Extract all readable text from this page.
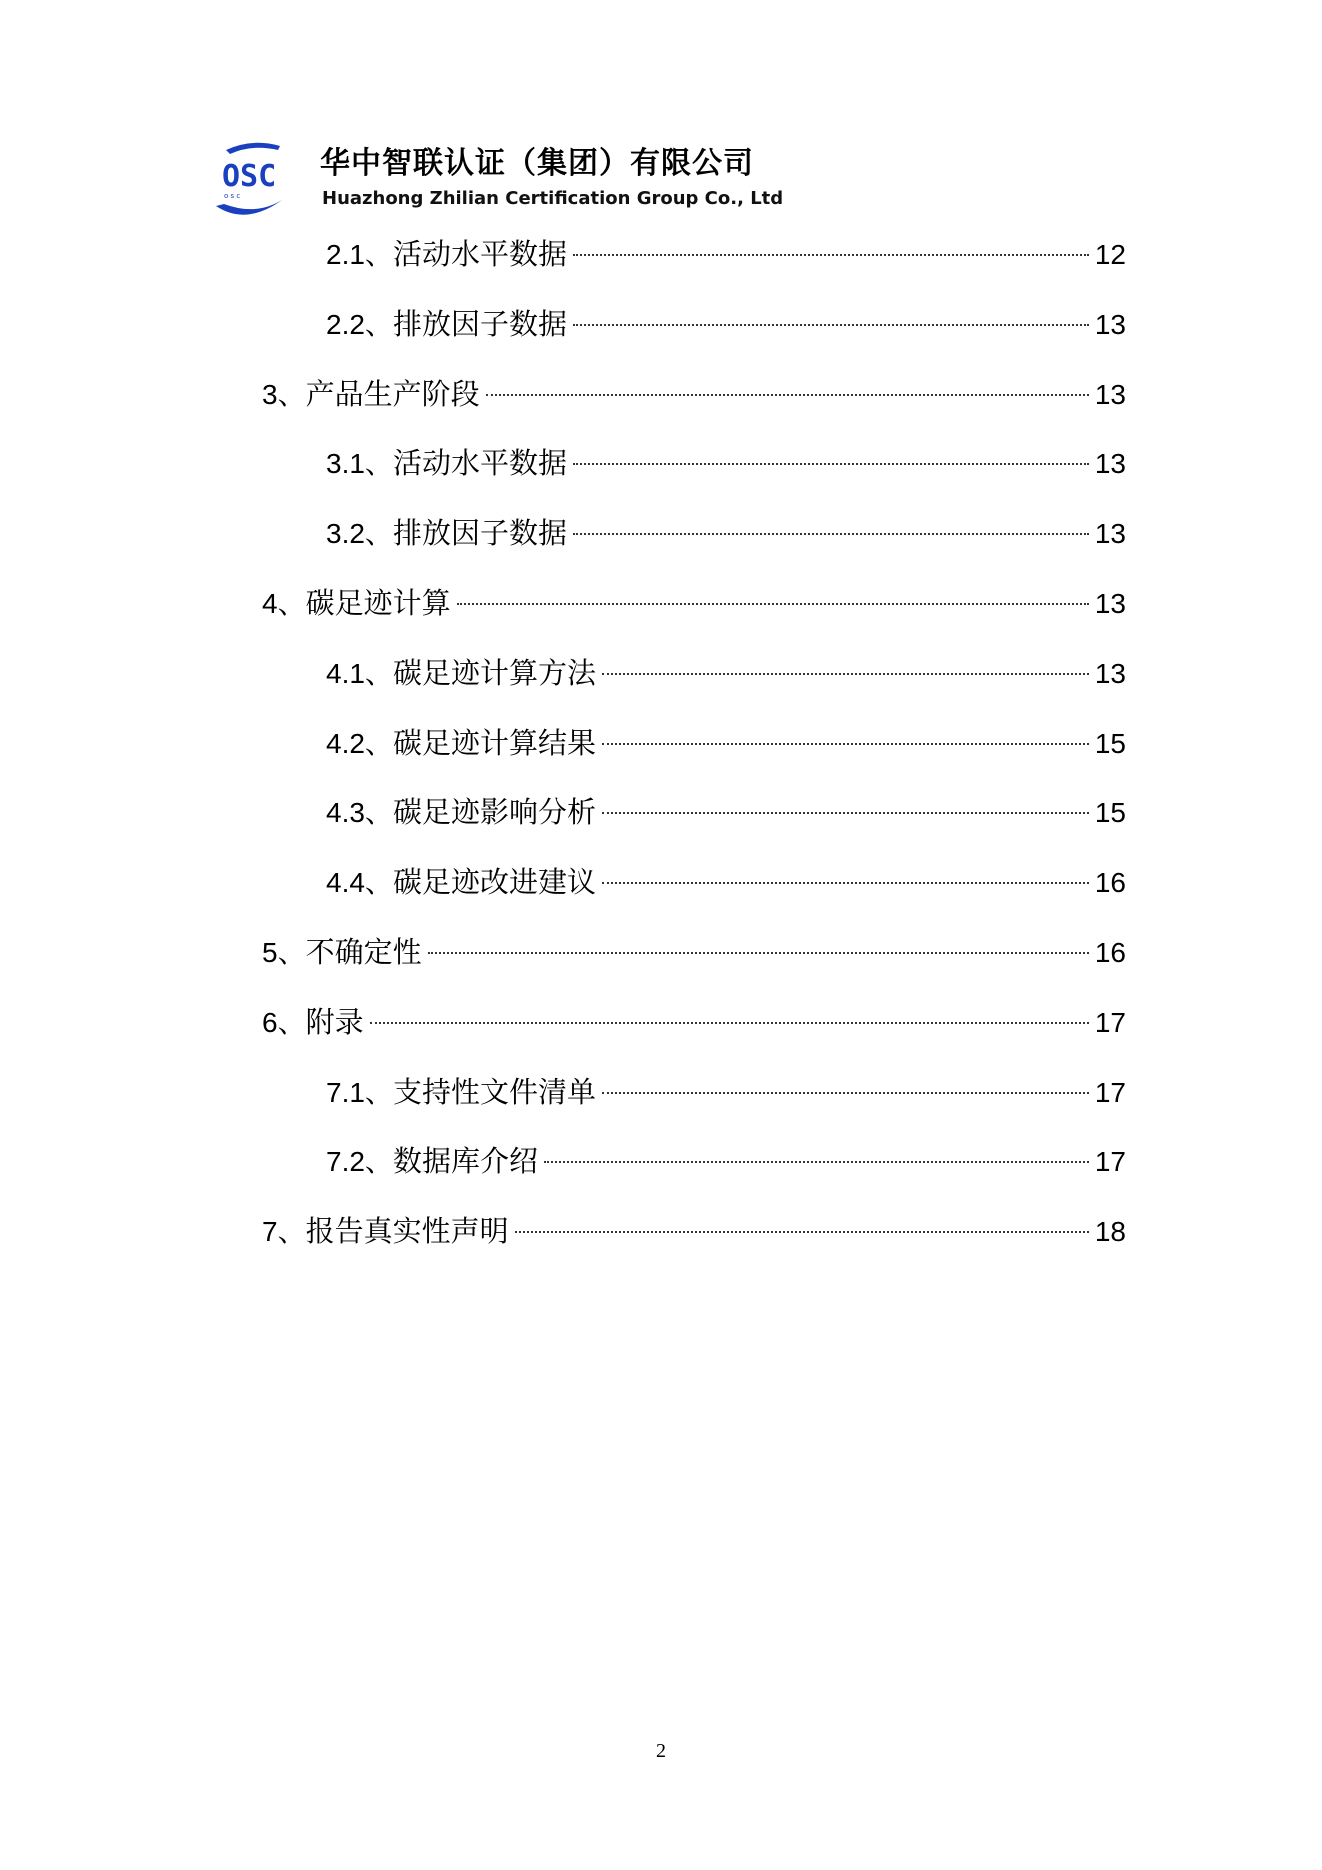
OSC
o s c
华中智联认证（集团）有限公司
Huazhong Zhilian Certification Group Co., Ltd
2.1、 活动水平数据	12
2.2、 排放因子数据	13
3、 产品生产阶段	13
3.1、 活动水平数据	13
3.2、 排放因子数据	13
4、 碳足迹计算	13
4.1、 碳足迹计算方法	13
4.2、 碳足迹计算结果	15
4.3、 碳足迹影响分析	15
4.4、 碳足迹改进建议	16
5、 不确定性	16
6、 附录	17
7.1、 支持性文件清单	17
7.2、 数据库介绍	17
7、 报告真实性声明	18
2
